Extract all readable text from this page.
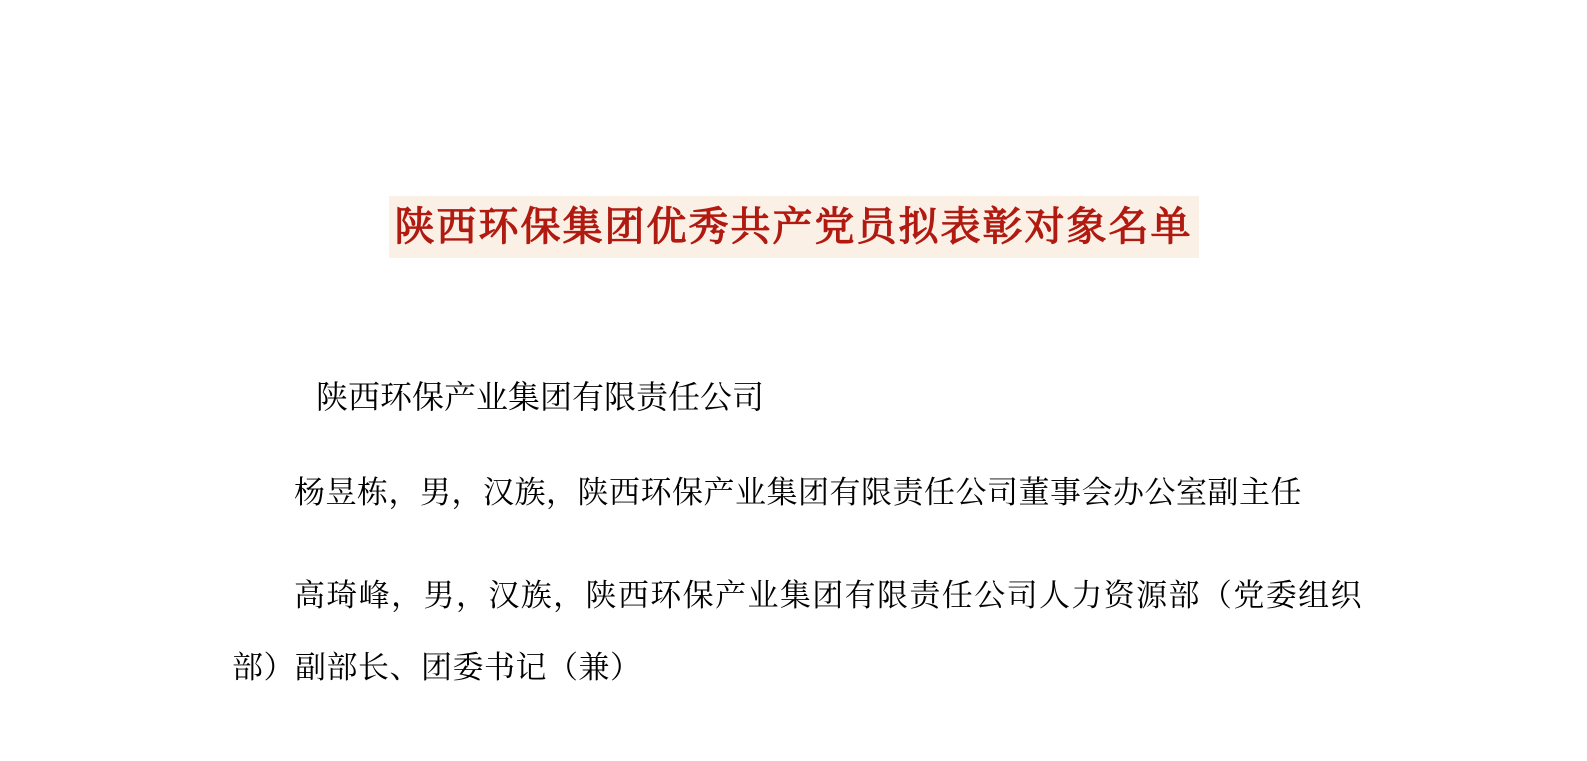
陕西环保集团优秀共产党员拟表彰对象名单
陕西环保产业集团有限责任公司

杨昱栋，男，汉族，陕西环保产业集团有限责任公司董事会办公室副主任

高琦峰，男，汉族，陕西环保产业集团有限责任公司人力资源部（党委组织部）副部长、团委书记（兼）
